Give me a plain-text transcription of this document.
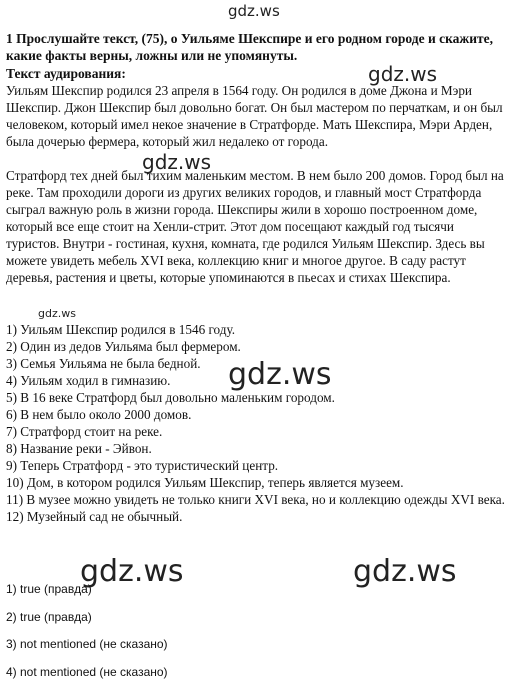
gdz.ws
1 Прослушайте текст, (75), о Уильяме Шекспире и его родном городе и скажите, какие факты верны, ложны или не упомянуты.
Текст аудирования:
Уильям Шекспир родился 23 апреля в 1564 году. Он родился в доме Джона и Мэри Шекспир. Джон Шекспир был довольно богат. Он был мастером по перчаткам, и он был человеком, который имел некое значение в Стратфорде. Мать Шекспира, Мэри Арден, была дочерью фермера, который жил недалеко от города.
Стратфорд тех дней был тихим маленьким местом. В нем было 200 домов. Город был на реке. Там проходили дороги из других великих городов, и главный мост Стратфорда сыграл важную роль в жизни города. Шекспиры жили в хорошо построенном доме, который все еще стоит на Хенли-стрит. Этот дом посещают каждый год тысячи туристов. Внутри - гостиная, кухня, комната, где родился Уильям Шекспир. Здесь вы можете увидеть мебель XVI века, коллекцию книг и многое другое. В саду растут деревья, растения и цветы, которые упоминаются в пьесах и стихах Шекспира.
gdz.ws
gdz.ws
gdz.ws
1) Уильям Шекспир родился в 1546 году.
2) Один из дедов Уильяма был фермером.
3) Семья Уильяма не была бедной.
4) Уильям ходил в гимназию.
5) В 16 веке Стратфорд был довольно маленьким городом.
6) В нем было около 2000 домов.
7) Стратфорд стоит на реке.
8) Название реки - Эйвон.
9) Теперь Стратфорд - это туристический центр.
10) Дом, в котором родился Уильям Шекспир, теперь является музеем.
11) В музее можно увидеть не только книги XVI века, но и коллекцию одежды XVI века.
12) Музейный сад не обычный.
gdz.ws
gdz.ws	gdz.ws
1) true (правда)
2) true (правда)
3) not mentioned (не сказано)
4) not mentioned (не сказано)
